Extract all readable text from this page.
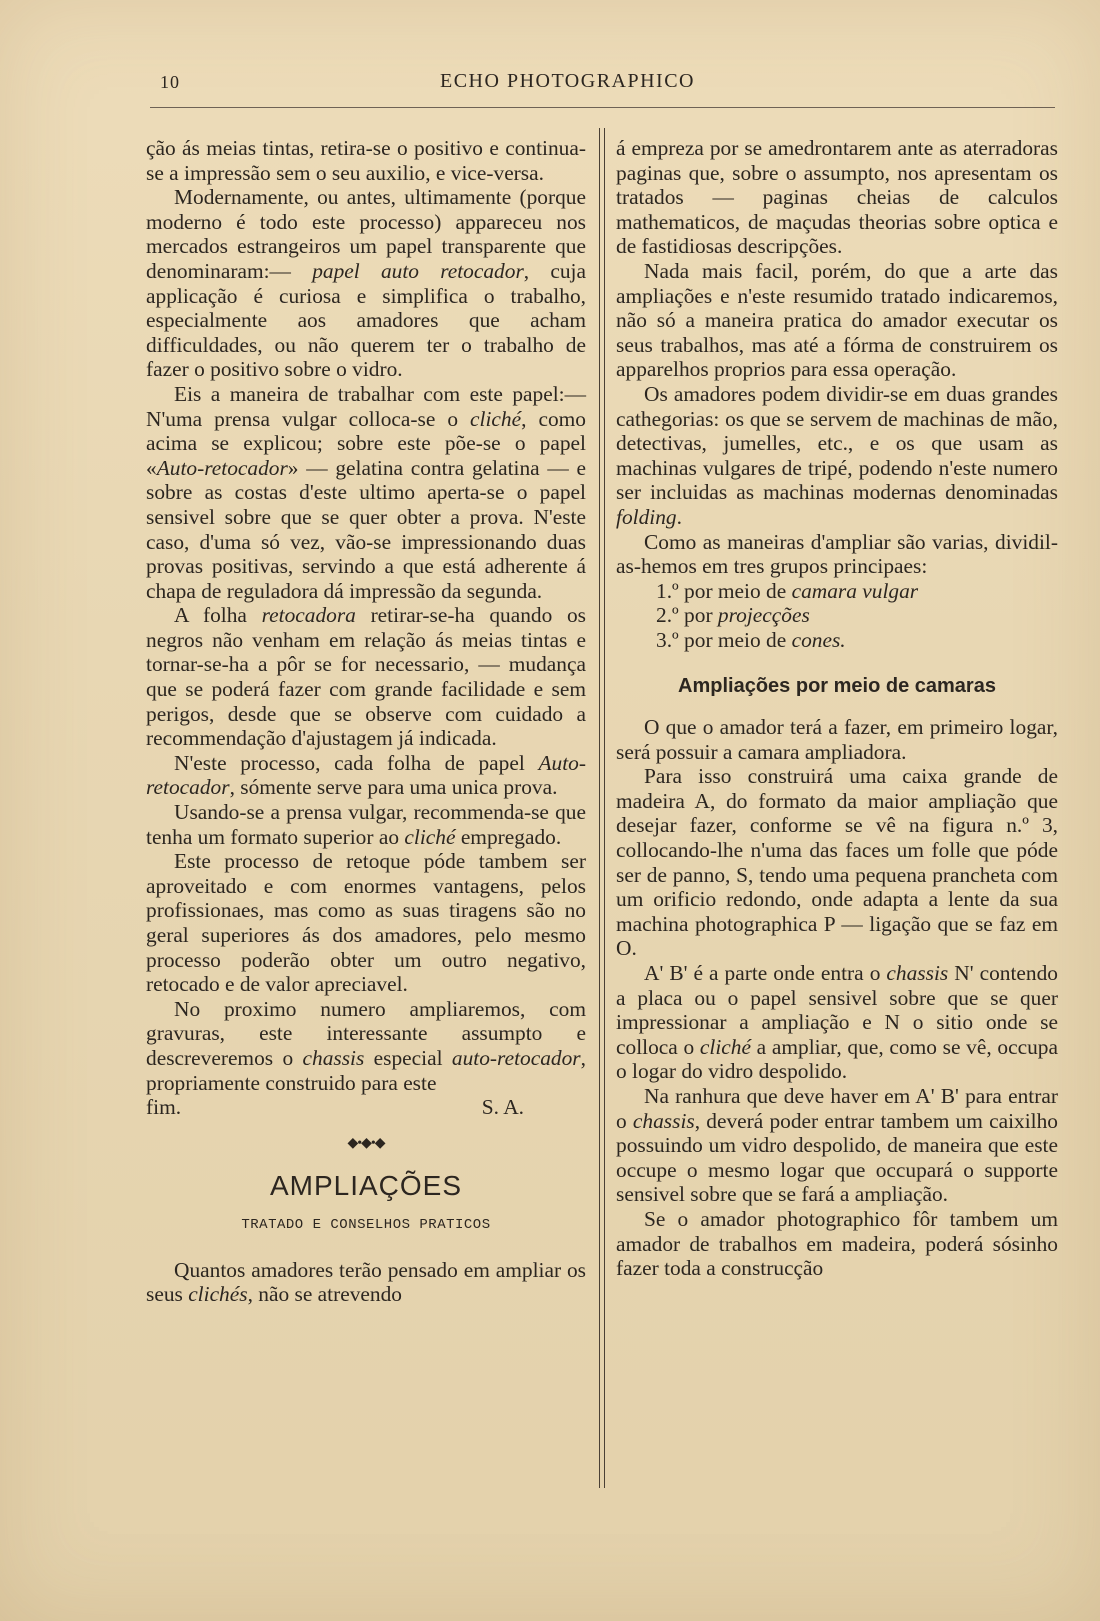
10	ECHO PHOTOGRAPHICO

ção ás meias tintas, retira-se o positivo e continua-se a impressão sem o seu auxilio, e vice-versa.

Modernamente, ou antes, ultimamente (porque moderno é todo este processo) appareceu nos mercados estrangeiros um papel transparente que denominaram:— papel auto retocador, cuja applicação é curiosa e simplifica o trabalho, especialmente aos amadores que acham difficuldades, ou não querem ter o trabalho de fazer o positivo sobre o vidro.

Eis a maneira de trabalhar com este papel:— N'uma prensa vulgar colloca-se o cliché, como acima se explicou; sobre este põe-se o papel «Auto-retocador» — gelatina contra gelatina — e sobre as costas d'este ultimo aperta-se o papel sensivel sobre que se quer obter a prova. N'este caso, d'uma só vez, vão-se impressionando duas provas positivas, servindo a que está adherente á chapa de reguladora dá impressão da segunda.

A folha retocadora retirar-se-ha quando os negros não venham em relação ás meias tintas e tornar-se-ha a pôr se for necessario, — mudança que se poderá fazer com grande facilidade e sem perigos, desde que se observe com cuidado a recommendação d'ajustagem já indicada.

N'este processo, cada folha de papel Auto-retocador, sómente serve para uma unica prova.

Usando-se a prensa vulgar, recommenda-se que tenha um formato superior ao cliché empregado.

Este processo de retoque póde tambem ser aproveitado e com enormes vantagens, pelos profissionaes, mas como as suas tiragens são no geral superiores ás dos amadores, pelo mesmo processo poderão obter um outro negativo, retocado e de valor apreciavel.

No proximo numero ampliaremos, com gravuras, este interessante assumpto e descreveremos o chassis especial auto-retocador, propriamente construido para este

fim.	S. A.

◆•◆•◆
AMPLIAÇÕES
TRATADO E CONSELHOS PRATICOS

Quantos amadores terão pensado em ampliar os seus clichés, não se atrevendo

á empreza por se amedrontarem ante as aterradoras paginas que, sobre o assumpto, nos apresentam os tratados — paginas cheias de calculos mathematicos, de maçudas theorias sobre optica e de fastidiosas descripções.

Nada mais facil, porém, do que a arte das ampliações e n'este resumido tratado indicaremos, não só a maneira pratica do amador executar os seus trabalhos, mas até a fórma de construirem os apparelhos proprios para essa operação.

Os amadores podem dividir-se em duas grandes cathegorias: os que se servem de machinas de mão, detectivas, jumelles, etc., e os que usam as machinas vulgares de tripé, podendo n'este numero ser incluidas as machinas modernas denominadas folding.

Como as maneiras d'ampliar são varias, dividil-as-hemos em tres grupos principaes:

1.º por meio de camara vulgar

2.º por projecções

3.º por meio de cones.

Ampliações por meio de camaras

O que o amador terá a fazer, em primeiro logar, será possuir a camara ampliadora.

Para isso construirá uma caixa grande de madeira A, do formato da maior ampliação que desejar fazer, conforme se vê na figura n.º 3, collocando-lhe n'uma das faces um folle que póde ser de panno, S, tendo uma pequena prancheta com um orificio redondo, onde adapta a lente da sua machina photographica P — ligação que se faz em O.

A' B' é a parte onde entra o chassis N' contendo a placa ou o papel sensivel sobre que se quer impressionar a ampliação e N o sitio onde se colloca o cliché a ampliar, que, como se vê, occupa o logar do vidro despolido.

Na ranhura que deve haver em A' B' para entrar o chassis, deverá poder entrar tambem um caixilho possuindo um vidro despolido, de maneira que este occupe o mesmo logar que occupará o supporte sensivel sobre que se fará a ampliação.

Se o amador photographico fôr tambem um amador de trabalhos em madeira, poderá sósinho fazer toda a construcção
